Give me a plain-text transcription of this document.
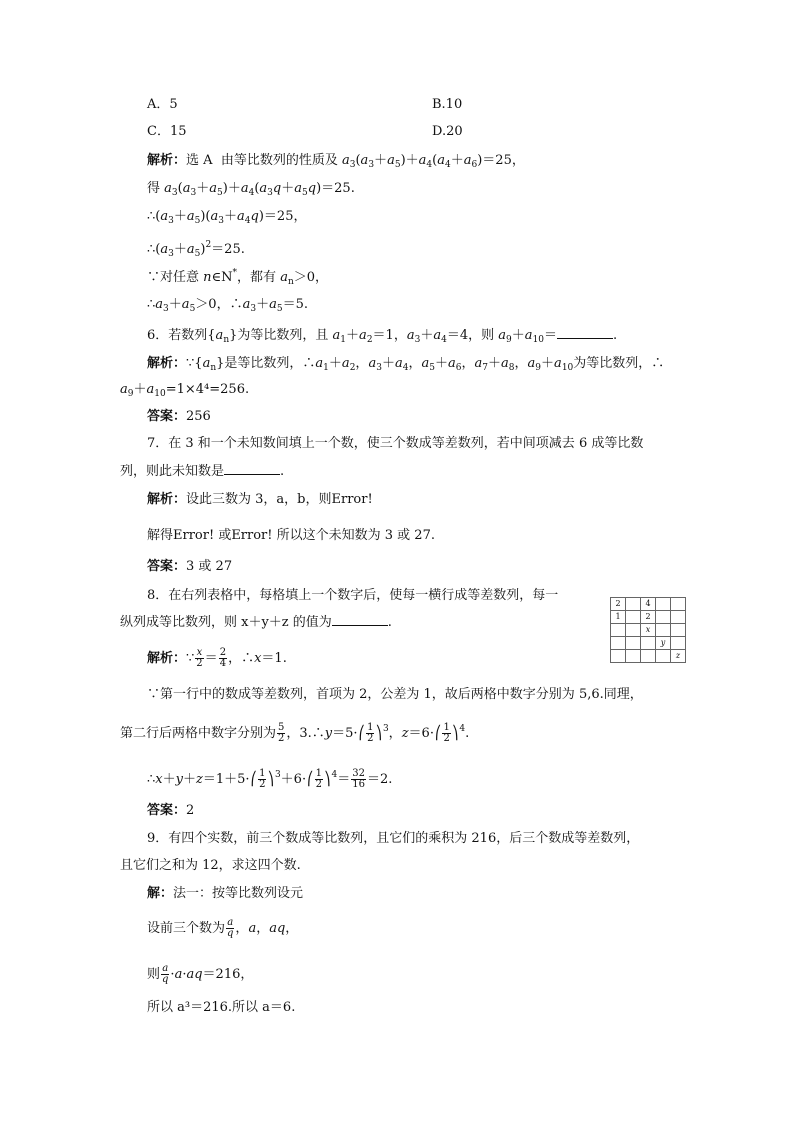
A．5	B.10
C．15	D.20
解析：选 A 由等比数列的性质及 $a_3(a_3+a_5)+a_4(a_4+a_6)=25$，
得 $a_3(a_3+a_5)+a_4(a_3q+a_5q)=25$.
$\therefore(a_3+a_5)(a_3+a_4q)=25$，
$\therefore(a_3+a_5)^2=25$.
∵对任意 n∈N*，都有 $a_n>0$，
$\therefore a_3+a_5>0$，$\therefore a_3+a_5=5$.
6．若数列$\{a_n\}$为等比数列，且 $a_1+a_2=1$，$a_3+a_4=4$，则 $a_9+a_{10}=$	.
解析：$\because\{a_n\}$是等比数列，$\therefore a_1+a_2$，$a_3+a_4$，$a_5+a_6$，$a_7+a_8$，$a_9+a_{10}$为等比数列，∴
$a_9+a_{10}=1\times 4^4=256$.
答案：256
7．在 3 和一个未知数间填上一个数，使三个数成等差数列，若中间项减去 6 成等比数
列，则此未知数是	.
解析：设此三数为 3，a，b，则Error!
解得Error! 或Error! 所以这个未知数为 3 或 27.
答案：3 或 27
8．在右列表格中，每格填上一个数字后，使每一横行成等差数列，每一
纵列成等比数列，则 x＋y＋z 的值为	.
2		4		
1		2		
		x		
			y	
				z
解析：∵ $\frac{x}{2} = \frac{2}{4}$ ，∴x＝1.
∵第一行中的数成等差数列，首项为 2，公差为 1，故后两格中数字分别为 5,6.同理，
第二行后两格中数字分别为 $\frac{5}{2}$ ，3.∴y＝5·⎛ $\frac{1}{2}$ ⎞$^3$，z＝6·⎛ $\frac{1}{2}$ ⎞$^4$.
∴x＋y＋z＝1＋5·⎛ $\frac{1}{2}$ ⎞$^3$＋6·⎛ $\frac{1}{2}$ ⎞$^4$＝ $\frac{32}{16} =2$.
答案：2
9．有四个实数，前三个数成等比数列，且它们的乘积为 216，后三个数成等差数列，
且它们之和为 12，求这四个数.
解：法一：按等比数列设元
设前三个数为 $\frac{a}{q}$ ，a，aq，
则 $\frac{a}{q} \cdot a\cdot aq=216$，
所以 a³＝216.所以 a＝6.
